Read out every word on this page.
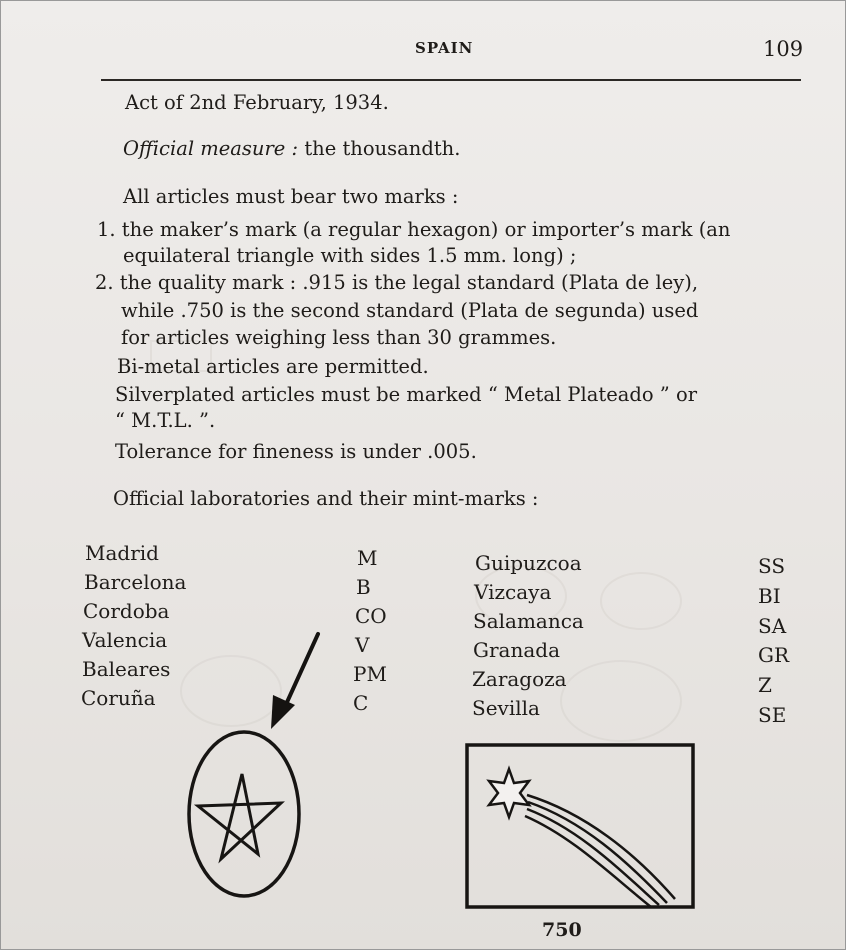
SPAIN	109
Act of 2nd February, 1934.
Official measure : the thousandth.
All articles must bear two marks :
1. the maker’s mark (a regular hexagon) or importer’s mark (an
equilateral triangle with sides 1.5 mm. long) ;
2. the quality mark : .915 is the legal standard (Plata de ley),
while .750 is the second standard (Plata de segunda) used
for articles weighing less than 30 grammes.
Bi-metal articles are permitted.
Silverplated articles must be marked “ Metal Plateado ” or
“ M.T.L. ”.
Tolerance for fineness is under .005.
Official laboratories and their mint-marks :
Madrid
Barcelona
Cordoba
Valencia
Baleares
Coruña
M
B
CO
V
PM
C
Guipuzcoa
Vizcaya
Salamanca
Granada
Zaragoza
Sevilla
SS
BI
SA
GR
Z
SE
750
